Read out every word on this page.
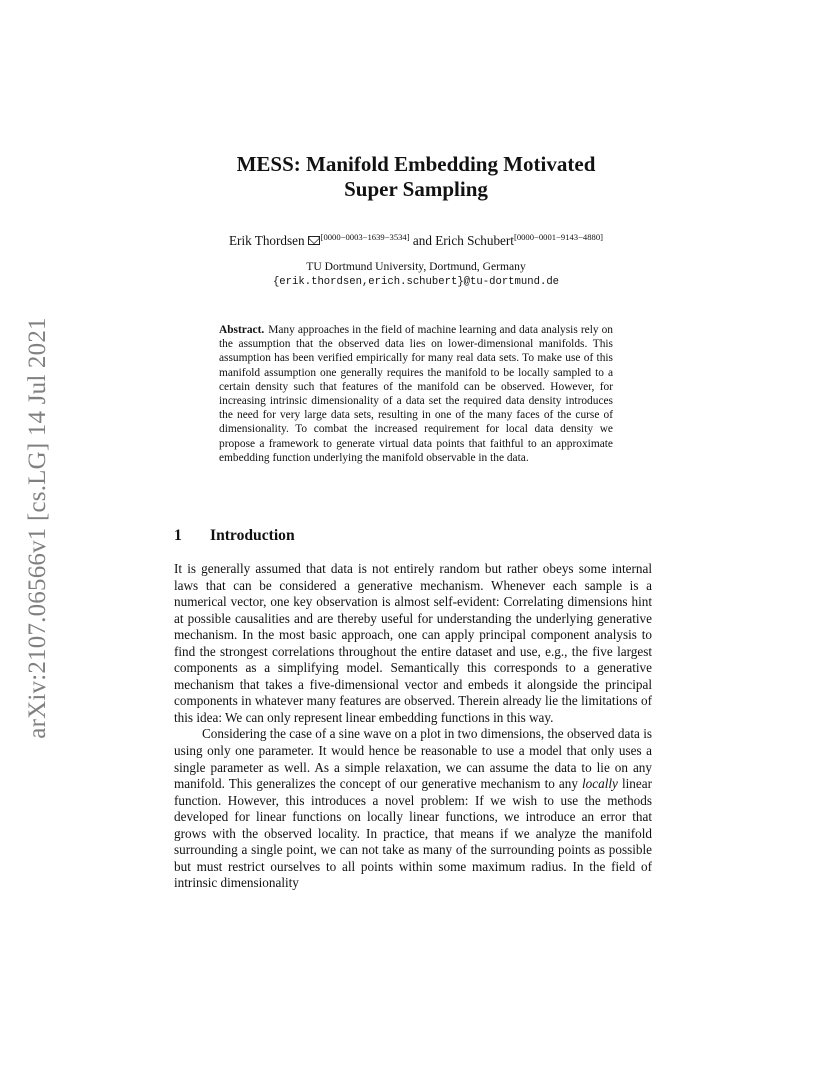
arXiv:2107.06566v1 [cs.LG] 14 Jul 2021
MESS: Manifold Embedding Motivated
Super Sampling
Erik Thordsen [0000−0003−1639−3534] and Erich Schubert[0000−0001−9143−4880]
TU Dortmund University, Dortmund, Germany
{erik.thordsen,erich.schubert}@tu-dortmund.de
Abstract. Many approaches in the field of machine learning and data analysis rely on the assumption that the observed data lies on lower-dimensional manifolds. This assumption has been verified empirically for many real data sets. To make use of this manifold assumption one generally requires the manifold to be locally sampled to a certain density such that features of the manifold can be observed. However, for increasing intrinsic dimensionality of a data set the required data density introduces the need for very large data sets, resulting in one of the many faces of the curse of dimensionality. To combat the increased requirement for local data density we propose a framework to generate virtual data points that faithful to an approximate embedding function underlying the manifold observable in the data.
1 Introduction

It is generally assumed that data is not entirely random but rather obeys some internal laws that can be considered a generative mechanism. Whenever each sample is a numerical vector, one key observation is almost self-evident: Correlating dimensions hint at possible causalities and are thereby useful for understanding the underlying generative mechanism. In the most basic approach, one can apply principal component analysis to find the strongest correlations throughout the entire dataset and use, e.g., the five largest components as a simplifying model. Semantically this corresponds to a generative mechanism that takes a five-dimensional vector and embeds it alongside the principal components in whatever many features are observed. Therein already lie the limitations of this idea: We can only represent linear embedding functions in this way.

Considering the case of a sine wave on a plot in two dimensions, the observed data is using only one parameter. It would hence be reasonable to use a model that only uses a single parameter as well. As a simple relaxation, we can assume the data to lie on any manifold. This generalizes the concept of our generative mechanism to any locally linear function. However, this introduces a novel problem: If we wish to use the methods developed for linear functions on locally linear functions, we introduce an error that grows with the observed locality. In practice, that means if we analyze the manifold surrounding a single point, we can not take as many of the surrounding points as possible but must restrict ourselves to all points within some maximum radius. In the field of intrinsic dimensionality
